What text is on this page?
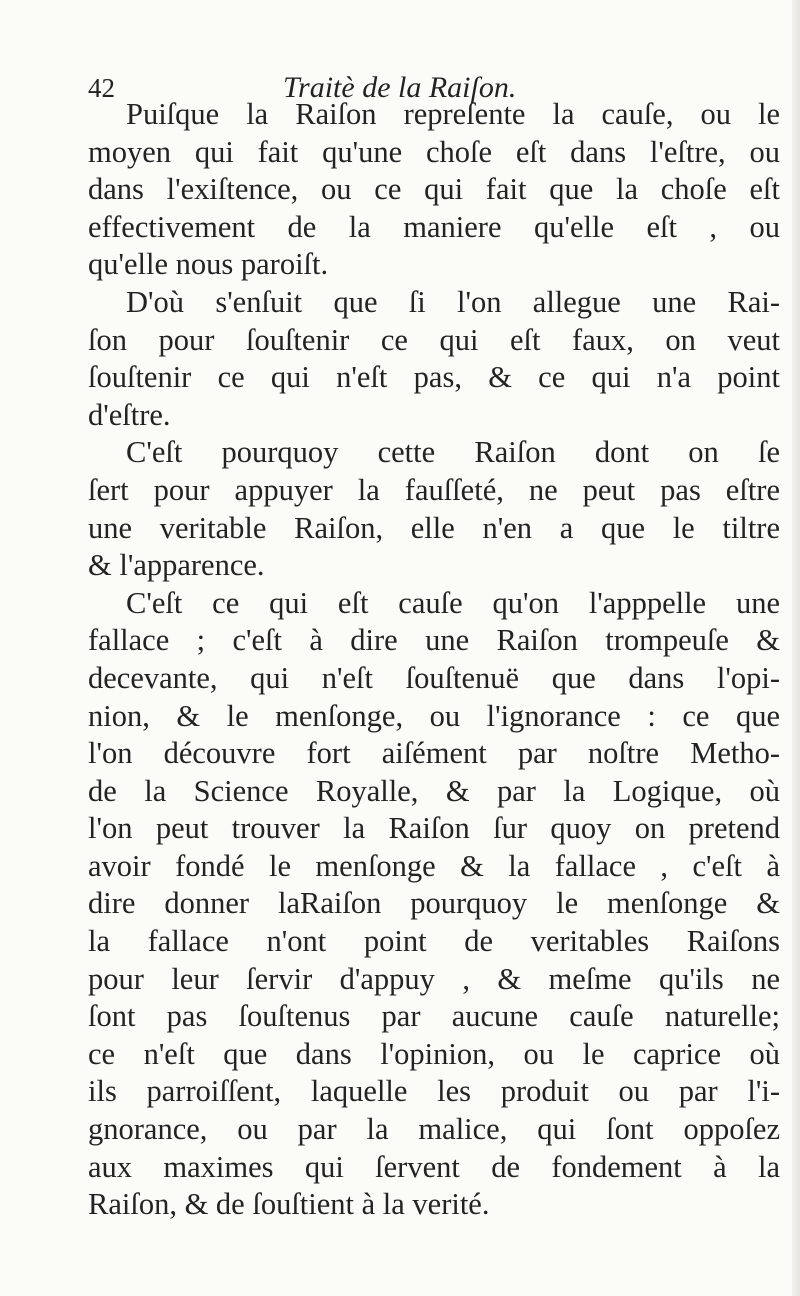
42	Traitè de la Raiſon.
Puiſque la Raiſon repreſente la cauſe, ou le
moyen qui fait qu'une choſe eſt dans l'eſtre, ou
dans l'exiſtence, ou ce qui fait que la choſe eſt
effectivement de la maniere qu'elle eſt , ou
qu'elle nous paroiſt.
D'où s'enſuit que ſi l'on allegue une Rai-
ſon pour ſouſtenir ce qui eſt faux, on veut
ſouſtenir ce qui n'eſt pas, & ce qui n'a point
d'eſtre.
C'eſt pourquoy cette Raiſon dont on ſe
ſert pour appuyer la fauſſeté, ne peut pas eſtre
une veritable Raiſon, elle n'en a que le tiltre
& l'apparence.
C'eſt ce qui eſt cauſe qu'on l'apppelle une
fallace ; c'eſt à dire une Raiſon trompeuſe &
decevante, qui n'eſt ſouſtenuë que dans l'opi-
nion, & le menſonge, ou l'ignorance : ce que
l'on découvre fort aiſément par noſtre Metho-
de la Science Royalle, & par la Logique, où
l'on peut trouver la Raiſon ſur quoy on pretend
avoir fondé le menſonge & la fallace , c'eſt à
dire donner laRaiſon pourquoy le menſonge &
la fallace n'ont point de veritables Raiſons
pour leur ſervir d'appuy , & meſme qu'ils ne
ſont pas ſouſtenus par aucune cauſe naturelle;
ce n'eſt que dans l'opinion, ou le caprice où
ils parroiſſent, laquelle les produit ou par l'i-
gnorance, ou par la malice, qui ſont oppoſez
aux maximes qui ſervent de fondement à la
Raiſon, & de ſouſtient à la verité.
